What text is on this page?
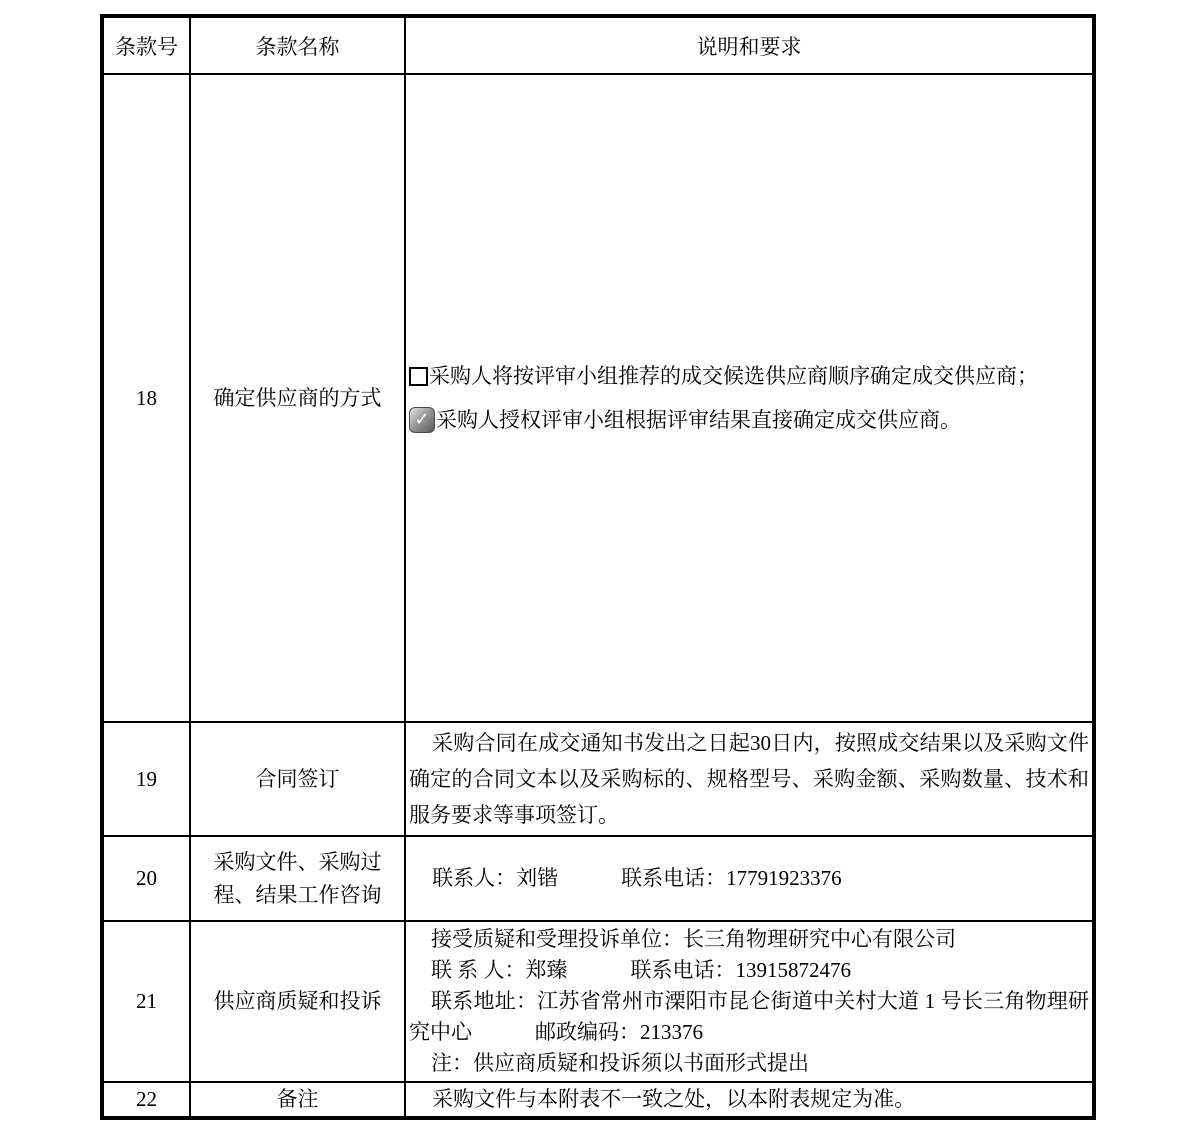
条款号	条款名称	说明和要求
18	确定供应商的方式	采购人将按评审小组推荐的成交候选供应商顺序确定成交供应商；
✓ 采购人授权评审小组根据评审结果直接确定成交供应商。

19	合同签订	采购合同在成交通知书发出之日起30日内，按照成交结果以及采购文件确定的合同文本以及采购标的、规格型号、采购金额、采购数量、技术和服务要求等事项签订。

20	采购文件、采购过程、结果工作咨询	联系人：刘锴　　　联系电话：17791923376

21	供应商质疑和投诉	接受质疑和受理投诉单位：长三角物理研究中心有限公司

联 系 人：郑臻　　　联系电话：13915872476

联系地址：江苏省常州市溧阳市昆仑街道中关村大道 1 号长三角物理研究中心　　　邮政编码：213376

注：供应商质疑和投诉须以书面形式提出

22	备注	采购文件与本附表不一致之处，以本附表规定为准。
